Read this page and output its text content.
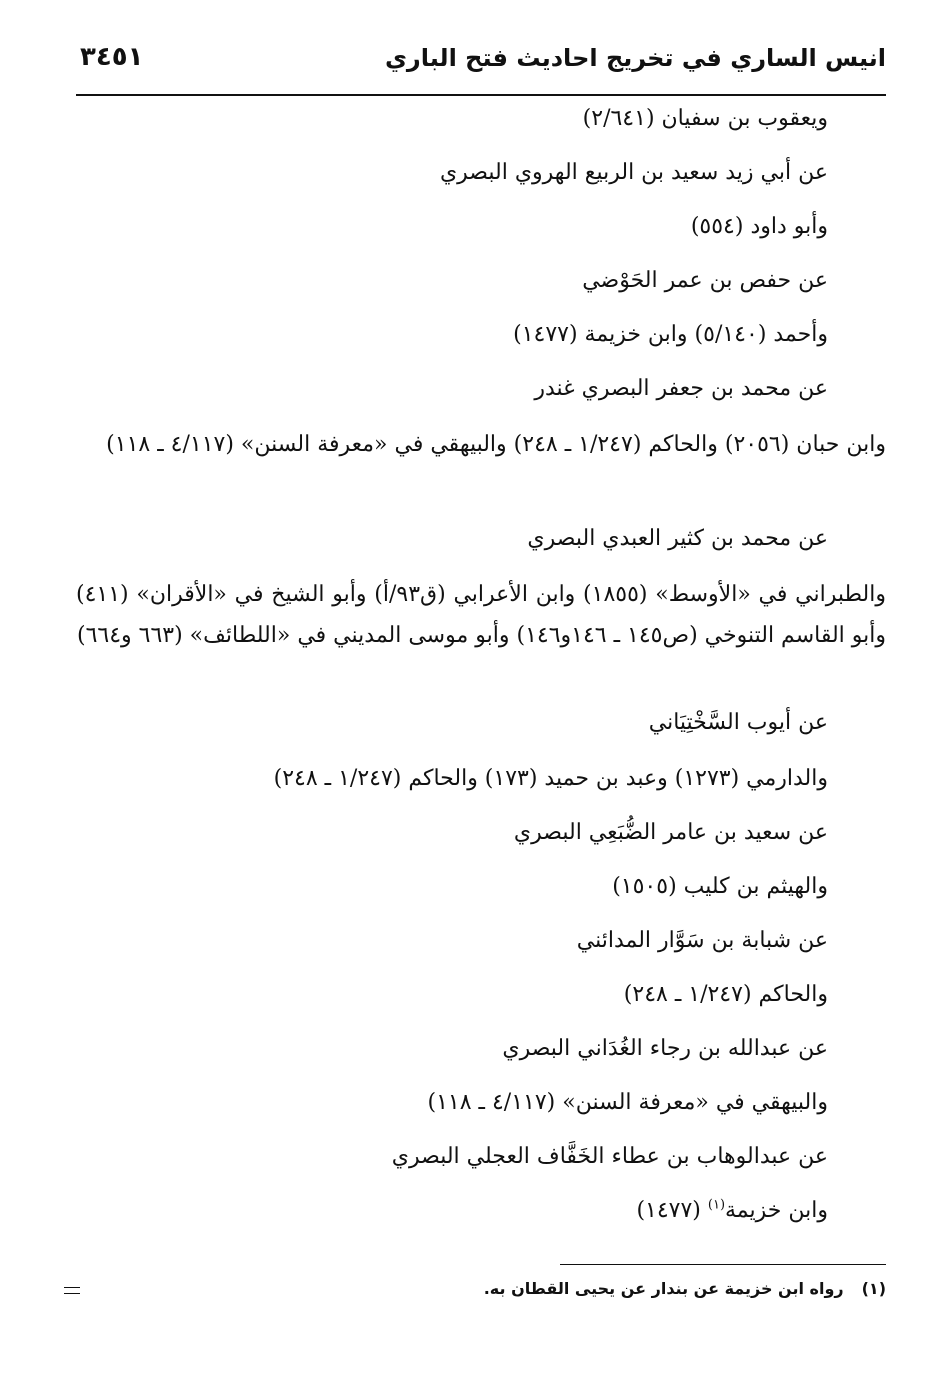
انيس الساري في تخريج احاديث فتح الباري
٣٤٥١
ويعقوب بن سفيان (٢/٦٤١)
عن أبي زيد سعيد بن الربيع الهروي البصري
وأبو داود (٥٥٤)
عن حفص بن عمر الحَوْضي
وأحمد (٥/١٤٠) وابن خزيمة (١٤٧٧)
عن محمد بن جعفر البصري غندر
وابن حبان (٢٠٥٦) والحاكم (١/٢٤٧ ـ ٢٤٨) والبيهقي في «معرفة السنن» (٤/١١٧ ـ ١١٨)
عن محمد بن كثير العبدي البصري
والطبراني في «الأوسط» (١٨٥٥) وابن الأعرابي (ق٩٣/أ) وأبو الشيخ في «الأقران» (٤١١) وأبو القاسم التنوخي (ص١٤٥ ـ ١٤٦و١٤٦) وأبو موسى المديني في «اللطائف» (٦٦٣ و٦٦٤)
عن أيوب السَّخْتِيَاني
والدارمي (١٢٧٣) وعبد بن حميد (١٧٣) والحاكم (١/٢٤٧ ـ ٢٤٨)
عن سعيد بن عامر الضُّبَعِي البصري
والهيثم بن كليب (١٥٠٥)
عن شبابة بن سَوَّار المدائني
والحاكم (١/٢٤٧ ـ ٢٤٨)
عن عبدالله بن رجاء الغُدَاني البصري
والبيهقي في «معرفة السنن» (٤/١١٧ ـ ١١٨)
عن عبدالوهاب بن عطاء الخَفَّاف العجلي البصري
وابن خزيمة$^{(١)}$ (١٤٧٧)
(١)رواه ابن خزيمة عن بندار عن يحيى القطان به.
